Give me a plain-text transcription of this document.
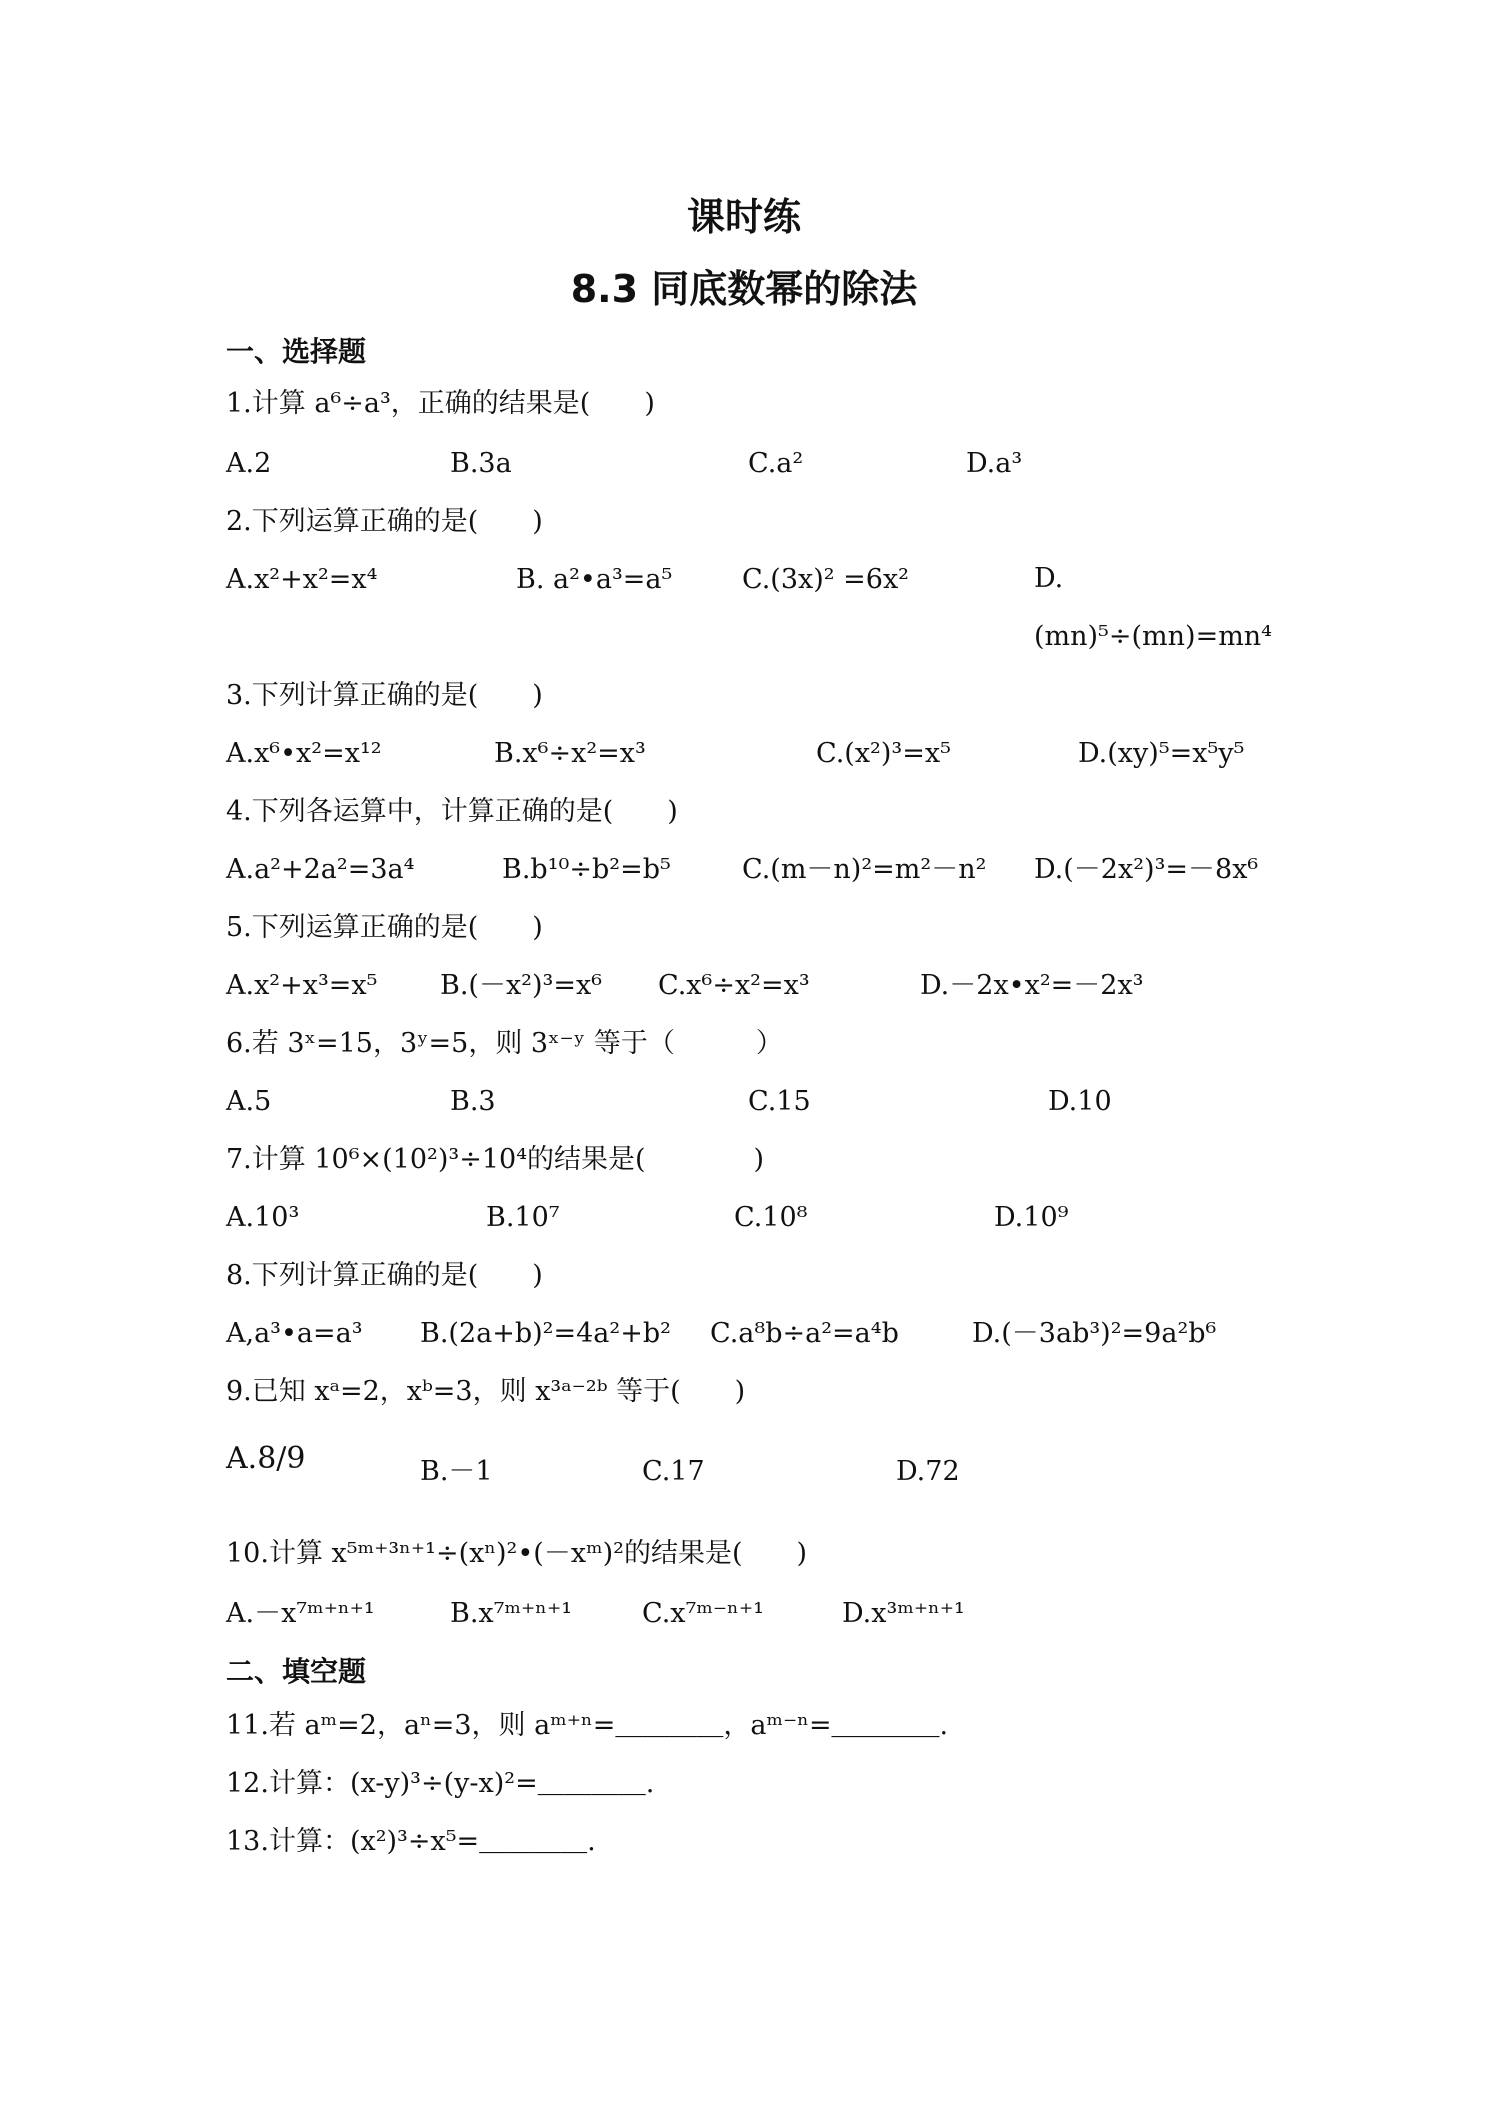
课时练
8.3 同底数幂的除法
一、选择题
1.计算 a⁶÷a³，正确的结果是(　　)
A.2	B.3a	C.a²	D.a³
2.下列运算正确的是(　　)
A.x²+x²=x⁴	B. a²•a³=a⁵	C.(3x)² =6x²	D.(mn)⁵÷(mn)=mn⁴
3.下列计算正确的是(　　)
A.x⁶•x²=x¹²	B.x⁶÷x²=x³	C.(x²)³=x⁵	D.(xy)⁵=x⁵y⁵
4.下列各运算中，计算正确的是(　　)
A.a²+2a²=3a⁴	B.b¹⁰÷b²=b⁵	C.(m－n)²=m²－n² D.(－2x²)³=－8x⁶
5.下列运算正确的是(　　)
A.x²+x³=x⁵ B.(－x²)³=x⁶ C.x⁶÷x²=x³	D.－2x•x²=－2x³
6.若 3ˣ=15，3ʸ=5，则 3ˣ⁻ʸ 等于（　　　）
A.5	B.3	C.15	D.10
7.计算 10⁶×(10²)³÷10⁴的结果是(　　　　)
A.10³	B.10⁷	C.10⁸	D.10⁹
8.下列计算正确的是(　　)
A,a³•a=a³ B.(2a+b)²=4a²+b² C.a⁸b÷a²=a⁴b	D.(－3ab³)²=9a²b⁶
9.已知 xᵃ=2，xᵇ=3，则 x³ᵃ⁻²ᵇ 等于(　　)
A.8/9	B.－1	C.17	D.72
10.计算 x⁵ᵐ⁺³ⁿ⁺¹÷(xⁿ)²•(－xᵐ)²的结果是(　　)
A.－x⁷ᵐ⁺ⁿ⁺¹	B.x⁷ᵐ⁺ⁿ⁺¹	C.x⁷ᵐ⁻ⁿ⁺¹	D.x³ᵐ⁺ⁿ⁺¹
二、填空题
11.若 aᵐ=2，aⁿ=3，则 aᵐ⁺ⁿ=＿＿＿＿，aᵐ⁻ⁿ=＿＿＿＿.
12.计算：(x-y)³÷(y-x)²=＿＿＿＿.
13.计算：(x²)³÷x⁵=＿＿＿＿.
